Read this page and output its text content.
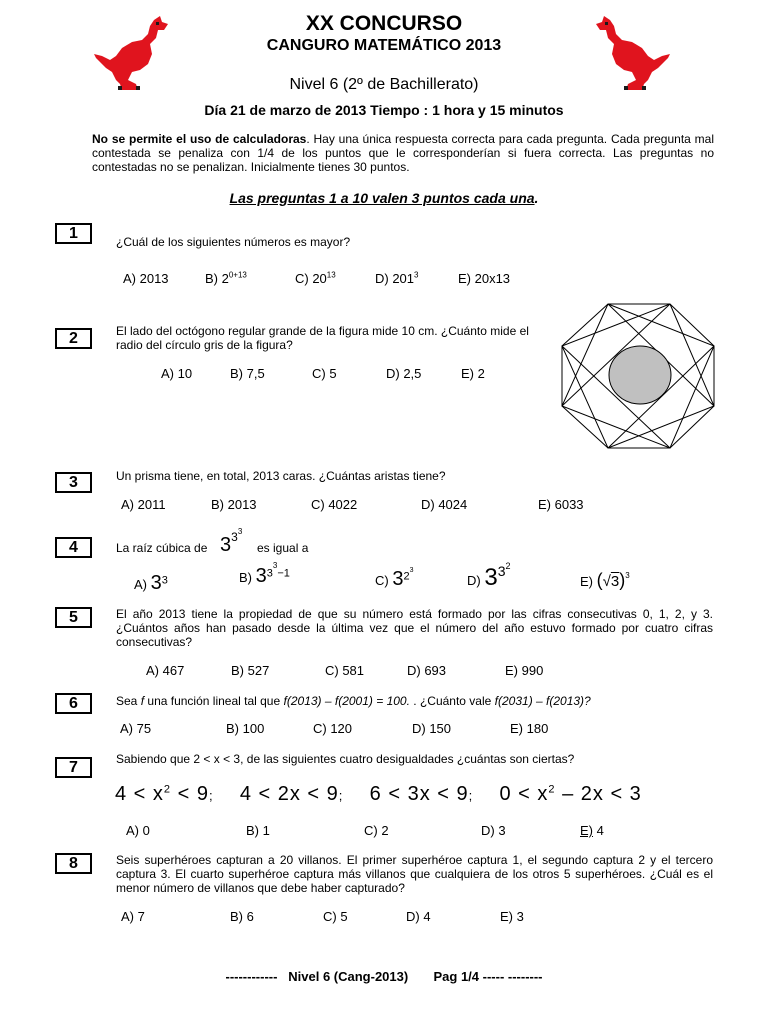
XX CONCURSO
CANGURO MATEMÁTICO 2013
Nivel 6 (2º de Bachillerato)
Día 21 de marzo de 2013 Tiempo : 1 hora y 15 minutos
No se permite el uso de calculadoras. Hay una única respuesta correcta para cada pregunta. Cada pregunta mal contestada se penaliza con 1/4 de los puntos que le corresponderían si fuera correcta. Las preguntas no contestadas no se penalizan. Inicialmente tienes 30 puntos.
Las preguntas 1 a 10 valen 3 puntos cada una.
1	¿Cuál de los siguientes números es mayor?
A) 2013	B) $2^{0+13}$	C) $20^{13}$	D) $201^3$	E) 20x13
2	El lado del octógono regular grande de la figura mide 10 cm. ¿Cuánto mide el radio del círculo gris de la figura?
A) 10	B) 7,5	C) 5	D) 2,5	E) 2
3	Un prisma tiene, en total, 2013 caras. ¿Cuántas aristas tiene?
A) 2011	B) 2013	C) 4022	D) 4024	E) 6033
4	La raíz cúbica de $3^{33}$
es igual a
A) $3^3$	B) $3^{33-1}$	C) $3^{23}$
D) $33^2$
E) $(√3)^3$
5	El año 2013 tiene la propiedad de que su número está formado por las cifras consecutivas 0, 1, 2, y 3. ¿Cuántos años han pasado desde la última vez que el número del año estuvo formado por cuatro cifras consecutivas?
A) 467	B) 527	C) 581	D) 693	E) 990
6	Sea f una función lineal tal que f(2013) – f(2001) = 100. . ¿Cuánto vale f(2031) – f(2013)?
A) 75	B) 100	C) 120	D) 150	E) 180
7	Sabiendo que 2 < x < 3, de las siguientes cuatro desigualdades ¿cuántas son ciertas?
$4 < x^2 < 9$; 4 < 2x < 9; 6 < 3x < 9; $0 < x^2 - 2x < 3$
A) 0	B) 1	C) 2	D) 3	E) 4
8	Seis superhéroes capturan a 20 villanos. El primer superhéroe captura 1, el segundo captura 2 y el tercero captura 3. El cuarto superhéroe captura más villanos que cualquiera de los otros 5 superhéroes. ¿Cuál es el menor número de villanos que debe haber capturado?
A) 7	B) 6	C) 5	D) 4	E) 3
------------   Nivel 6 (Cang-2013)       Pag 1/4 ----- --------
